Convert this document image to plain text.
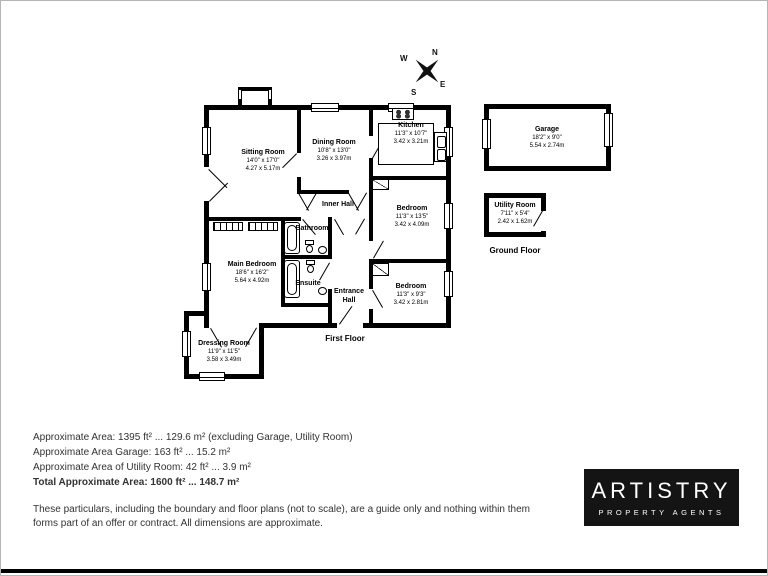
N
W
S
E
Sitting Room
14'0" x 17'0"
4.27 x 5.17m
Dining Room
10'8" x 13'0"
3.26 x 3.97m
Kitchen
11'3" x 10'7"
3.42 x 3.21m
Inner Hall
Bedroom
11'3" x 13'5"
3.42 x 4.09m
Bedroom
11'3" x 9'3"
3.42 x 2.81m
Main Bedroom
18'6" x 16'2"
5.64 x 4.92m
Bathroom
Ensuite
Entrance Hall
Dressing Room
11'9" x 11'5"
3.58 x 3.49m
First Floor
Garage
18'2" x 9'0"
5.54 x 2.74m
Utility Room
7'11" x 5'4"
2.42 x 1.62m
Ground Floor
Approximate Area: 1395 ft² ... 129.6 m² (excluding Garage, Utility Room)
Approximate Area Garage: 163 ft² ... 15.2 m²
Approximate Area of Utility Room: 42 ft² ... 3.9 m²
Total Approximate Area: 1600 ft² ... 148.7 m²
These particulars, including the boundary and floor plans (not to scale), are a guide only and nothing within them forms part of an offer or contract. All dimensions are approximate.
ARTISTRY
PROPERTY AGENTS
